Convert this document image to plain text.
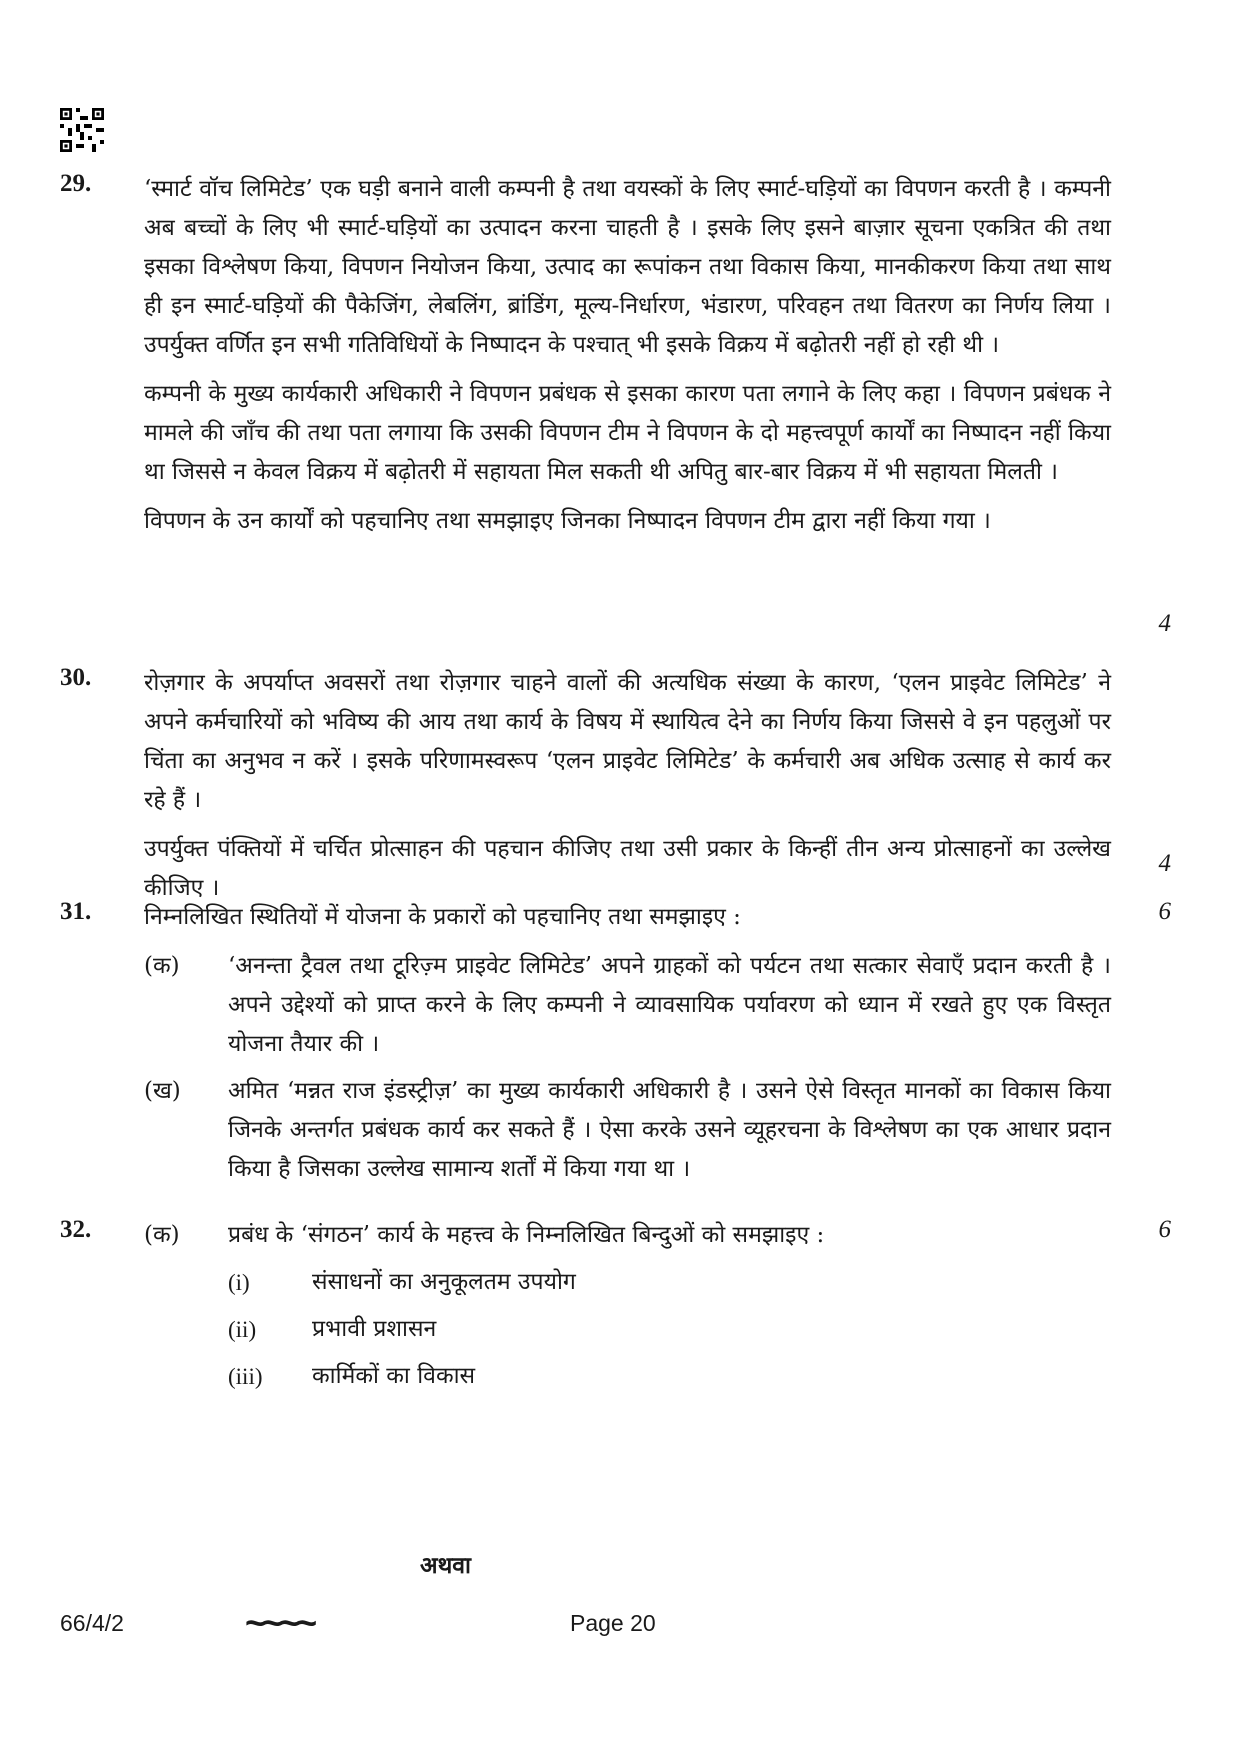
29. ‘स्मार्ट वॉच लिमिटेड’ एक घड़ी बनाने वाली कम्पनी है तथा वयस्कों के लिए स्मार्ट-घड़ियों का विपणन करती है । कम्पनी अब बच्चों के लिए भी स्मार्ट-घड़ियों का उत्पादन करना चाहती है । इसके लिए इसने बाज़ार सूचना एकत्रित की तथा इसका विश्लेषण किया, विपणन नियोजन किया, उत्पाद का रूपांकन तथा विकास किया, मानकीकरण किया तथा साथ ही इन स्मार्ट-घड़ियों की पैकेजिंग, लेबलिंग, ब्रांडिंग, मूल्य-निर्धारण, भंडारण, परिवहन तथा वितरण का निर्णय लिया । उपर्युक्त वर्णित इन सभी गतिविधियों के निष्पादन के पश्चात् भी इसके विक्रय में बढ़ोतरी नहीं हो रही थी ।

कम्पनी के मुख्य कार्यकारी अधिकारी ने विपणन प्रबंधक से इसका कारण पता लगाने के लिए कहा । विपणन प्रबंधक ने मामले की जाँच की तथा पता लगाया कि उसकी विपणन टीम ने विपणन के दो महत्त्वपूर्ण कार्यों का निष्पादन नहीं किया था जिससे न केवल विक्रय में बढ़ोतरी में सहायता मिल सकती थी अपितु बार-बार विक्रय में भी सहायता मिलती ।

विपणन के उन कार्यों को पहचानिए तथा समझाइए जिनका निष्पादन विपणन टीम द्वारा नहीं किया गया ।

4
30. रोज़गार के अपर्याप्त अवसरों तथा रोज़गार चाहने वालों की अत्यधिक संख्या के कारण, ‘एलन प्राइवेट लिमिटेड’ ने अपने कर्मचारियों को भविष्य की आय तथा कार्य के विषय में स्थायित्व देने का निर्णय किया जिससे वे इन पहलुओं पर चिंता का अनुभव न करें । इसके परिणामस्वरूप ‘एलन प्राइवेट लिमिटेड’ के कर्मचारी अब अधिक उत्साह से कार्य कर रहे हैं ।

उपर्युक्त पंक्तियों में चर्चित प्रोत्साहन की पहचान कीजिए तथा उसी प्रकार के किन्हीं तीन अन्य प्रोत्साहनों का उल्लेख कीजिए ।

4
31.	6

निम्नलिखित स्थितियों में योजना के प्रकारों को पहचानिए तथा समझाइए :

(क) ‘अनन्ता ट्रैवल तथा टूरिज़्म प्राइवेट लिमिटेड’ अपने ग्राहकों को पर्यटन तथा सत्कार सेवाएँ प्रदान करती है । अपने उद्देश्यों को प्राप्त करने के लिए कम्पनी ने व्यावसायिक पर्यावरण को ध्यान में रखते हुए एक विस्तृत योजना तैयार की ।
(ख) अमित ‘मन्नत राज इंडस्ट्रीज़’ का मुख्य कार्यकारी अधिकारी है । उसने ऐसे विस्तृत मानकों का विकास किया जिनके अन्तर्गत प्रबंधक कार्य कर सकते हैं । ऐसा करके उसने व्यूहरचना के विश्लेषण का एक आधार प्रदान किया है जिसका उल्लेख सामान्य शर्तों में किया गया था ।
32.	6
(क) प्रबंध के ‘संगठन’ कार्य के महत्त्व के निम्नलिखित बिन्दुओं को समझाइए :
(i)	संसाधनों का अनुकूलतम उपयोग
(ii) प्रभावी प्रशासन
(iii) कार्मिकों का विकास
अथवा
66/4/2	~~~~	Page 20
